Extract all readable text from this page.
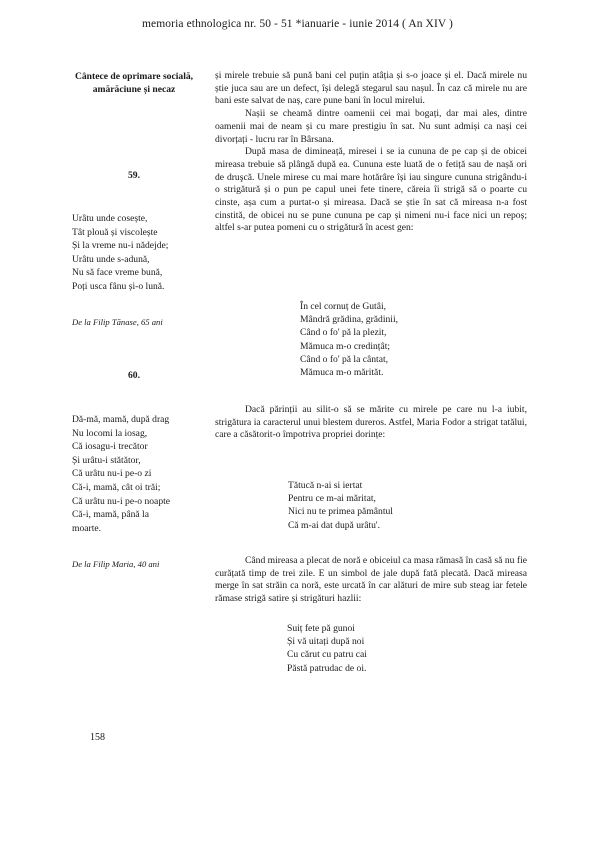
memoria ethnologica nr. 50 - 51 *ianuarie - iunie 2014 ( An XIV )
Cântece de oprimare socială, amărăciune și necaz
59.
Urâtu unde cosește,
Tât plouă și viscolește
Și la vreme nu-i nădejde;
Urâtu unde s-adună,
Nu să face vreme bună,
Poți usca fânu și-o lună.
De la Filip Tănase, 65 ani
60.
Dă-mă, mamă, după drag
Nu locomi la iosag,
Că iosagu-i trecător
Și urâtu-i stătător,
Că urâtu nu-i pe-o zi
Că-i, mamă, cât oi trăi;
Că urâtu nu-i pe-o noapte
Că-i, mamă, până la
moarte.
De la Filip Maria, 40 ani

și mirele trebuie să pună bani cel puțin atâția și s-o joace și el. Dacă mirele nu știe juca sau are un defect, își delegă stegarul sau nașul. În caz că mirele nu are bani este salvat de naș, care pune bani în locul mirelui.

Nașii se cheamă dintre oamenii cei mai bogați, dar mai ales, dintre oamenii mai de neam și cu mare prestigiu în sat. Nu sunt admiși ca nași cei divorțați - lucru rar în Bârsana.

După masa de dimineață, miresei i se ia cununa de pe cap și de obicei mireasa trebuie să plângă după ea. Cununa este luată de o fetiță sau de nașă ori de druşcă. Unele mirese cu mai mare hotărâre își iau singure cununa strigându-i o strigătură și o pun pe capul unei fete tinere, căreia îi strigă să o poarte cu cinste, așa cum a purtat-o și mireasa. Dacă se știe în sat că mireasa n-a fost cinstită, de obicei nu se pune cununa pe cap și nimeni nu-i face nici un repoș; altfel s-ar putea pomeni cu o strigătură în acest gen:

În cel cornuț de Gutâi,
Mândră grădina, grădinii,
Când o fo' pă la plezit,
Mămuca m-o credințât;
Când o fo' pă la cântat,
Mămuca m-o mărităt.

Dacă părinții au silit-o să se mărite cu mirele pe care nu l-a iubit, strigătura ia caracterul unui blestem dureros. Astfel, Maria Fodor a strigat tatălui, care a căsătorit-o împotriva propriei dorințe:

Tătucă n-ai si iertat
Pentru ce m-ai măritat,
Nici nu te primea pământul
Că m-ai dat după urâtu'.

Când mireasa a plecat de noră e obiceiul ca masa rămasă în casă să nu fie curățată timp de trei zile. E un simbol de jale după fată plecată. Dacă mireasa merge în sat străin ca noră, este urcată în car alături de mire sub steag iar fetele rămase strigă satire și strigături hazlii:

Suiț fete pă gunoi
Și vă uitați după noi
Cu cărut cu patru cai
Păstă patrudac de oi.
158
